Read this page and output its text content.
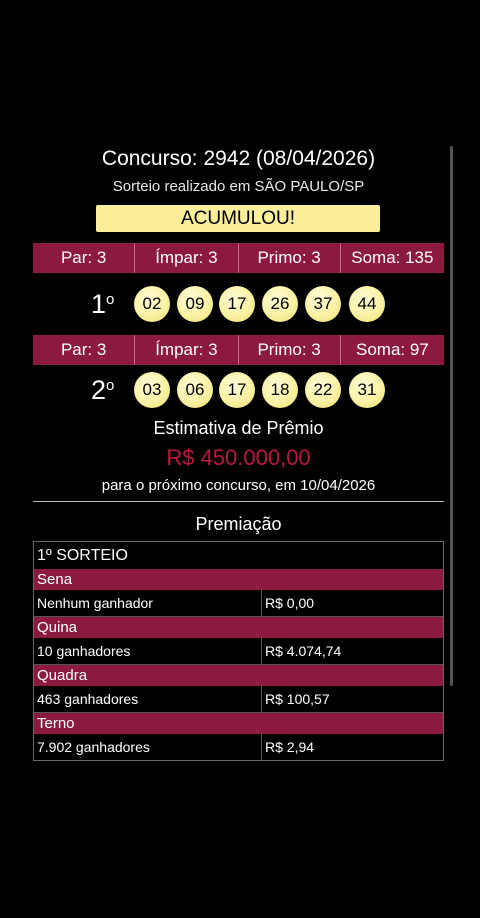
Concurso: 2942 (08/04/2026)
Sorteio realizado em SÃO PAULO/SP
ACUMULOU!
Par: 3	Ímpar: 3	Primo: 3	Soma: 135
1$^o$	02	09	17	26	37	44
Par: 3	Ímpar: 3	Primo: 3	Soma: 97
2$^o$	03	06	17	18	22	31
Estimativa de Prêmio
R$ 450.000,00
para o próximo concurso, em 10/04/2026
Premiação
1º SORTEIO
Sena
Nenhum ganhador	R$ 0,00
Quina
10 ganhadores	R$ 4.074,74
Quadra
463 ganhadores	R$ 100,57
Terno
7.902 ganhadores	R$ 2,94
